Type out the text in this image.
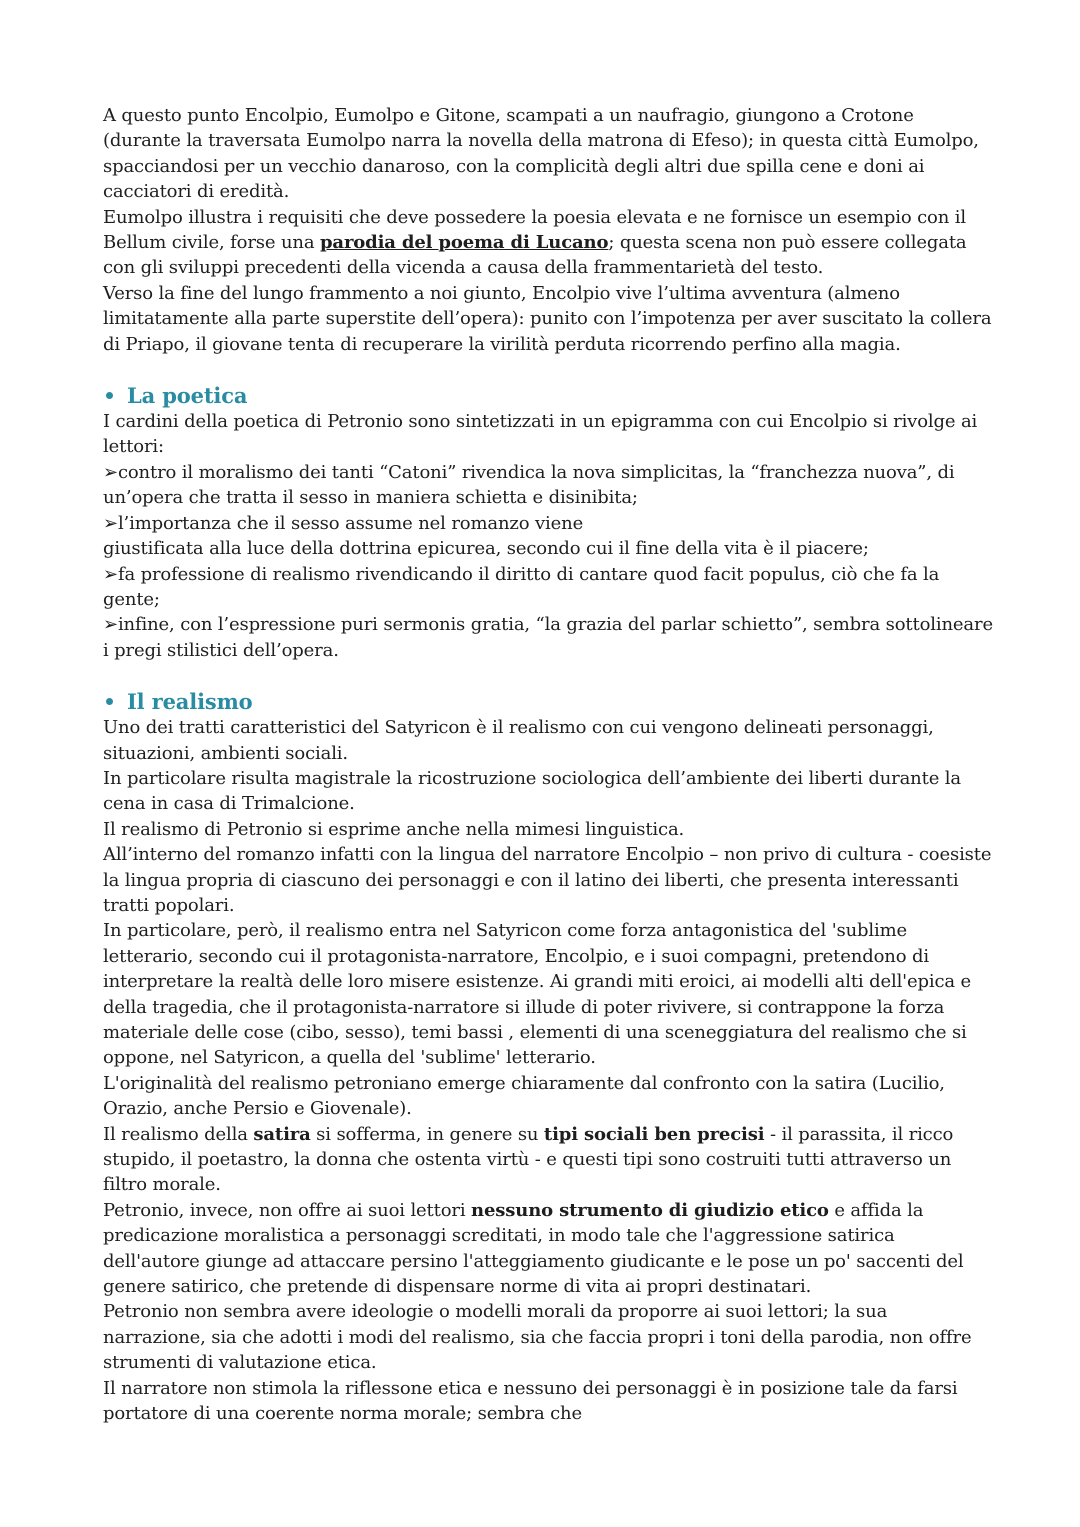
A questo punto Encolpio, Eumolpo e Gitone, scampati a un naufragio, giungono a Crotone (durante la traversata Eumolpo narra la novella della matrona di Efeso); in questa città Eumolpo, spacciandosi per un vecchio danaroso, con la complicità degli altri due spilla cene e doni ai cacciatori di eredità.

Eumolpo illustra i requisiti che deve possedere la poesia elevata e ne fornisce un esempio con il Bellum civile, forse una parodia del poema di Lucano; questa scena non può essere collegata con gli sviluppi precedenti della vicenda a causa della frammentarietà del testo.

Verso la fine del lungo frammento a noi giunto, Encolpio vive l’ultima avventura (almeno limitatamente alla parte superstite dell’opera): punito con l’impotenza per aver suscitato la collera di Priapo, il giovane tenta di recuperare la virilità perduta ricorrendo perfino alla magia.

La poetica

I cardini della poetica di Petronio sono sintetizzati in un epigramma con cui Encolpio si rivolge ai lettori:

➢contro il moralismo dei tanti “Catoni” rivendica la nova simplicitas, la “franchezza nuova”, di un’opera che tratta il sesso in maniera schietta e disinibita;

➢l’importanza che il sesso assume nel romanzo viene

giustificata alla luce della dottrina epicurea, secondo cui il fine della vita è il piacere;

➢fa professione di realismo rivendicando il diritto di cantare quod facit populus, ciò che fa la gente;

➢infine, con l’espressione puri sermonis gratia, “la grazia del parlar schietto”, sembra sottolineare i pregi stilistici dell’opera.

Il realismo

Uno dei tratti caratteristici del Satyricon è il realismo con cui vengono delineati personaggi, situazioni, ambienti sociali.

In particolare risulta magistrale la ricostruzione sociologica dell’ambiente dei liberti durante la cena in casa di Trimalcione.

Il realismo di Petronio si esprime anche nella mimesi linguistica.

All’interno del romanzo infatti con la lingua del narratore Encolpio – non privo di cultura - coesiste la lingua propria di ciascuno dei personaggi e con il latino dei liberti, che presenta interessanti tratti popolari.

In particolare, però, il realismo entra nel Satyricon come forza antagonistica del 'sublime letterario, secondo cui il protagonista-narratore, Encolpio, e i suoi compagni, pretendono di interpretare la realtà delle loro misere esistenze. Ai grandi miti eroici, ai modelli alti dell'epica e della tragedia, che il protagonista-narratore si illude di poter rivivere, si contrappone la forza materiale delle cose (cibo, sesso), temi bassi , elementi di una sceneggiatura del realismo che si oppone, nel Satyricon, a quella del 'sublime' letterario.

L'originalità del realismo petroniano emerge chiaramente dal confronto con la satira (Lucilio, Orazio, anche Persio e Giovenale).

Il realismo della satira si sofferma, in genere su tipi sociali ben precisi - il parassita, il ricco stupido, il poetastro, la donna che ostenta virtù - e questi tipi sono costruiti tutti attraverso un filtro morale.

Petronio, invece, non offre ai suoi lettori nessuno strumento di giudizio etico e affida la predicazione moralistica a personaggi screditati, in modo tale che l'aggressione satirica dell'autore giunge ad attaccare persino l'atteggiamento giudicante e le pose un po' saccenti del genere satirico, che pretende di dispensare norme di vita ai propri destinatari.

Petronio non sembra avere ideologie o modelli morali da proporre ai suoi lettori; la sua narrazione, sia che adotti i modi del realismo, sia che faccia propri i toni della parodia, non offre strumenti di valutazione etica.

Il narratore non stimola la riflessone etica e nessuno dei personaggi è in posizione tale da farsi portatore di una coerente norma morale; sembra che
